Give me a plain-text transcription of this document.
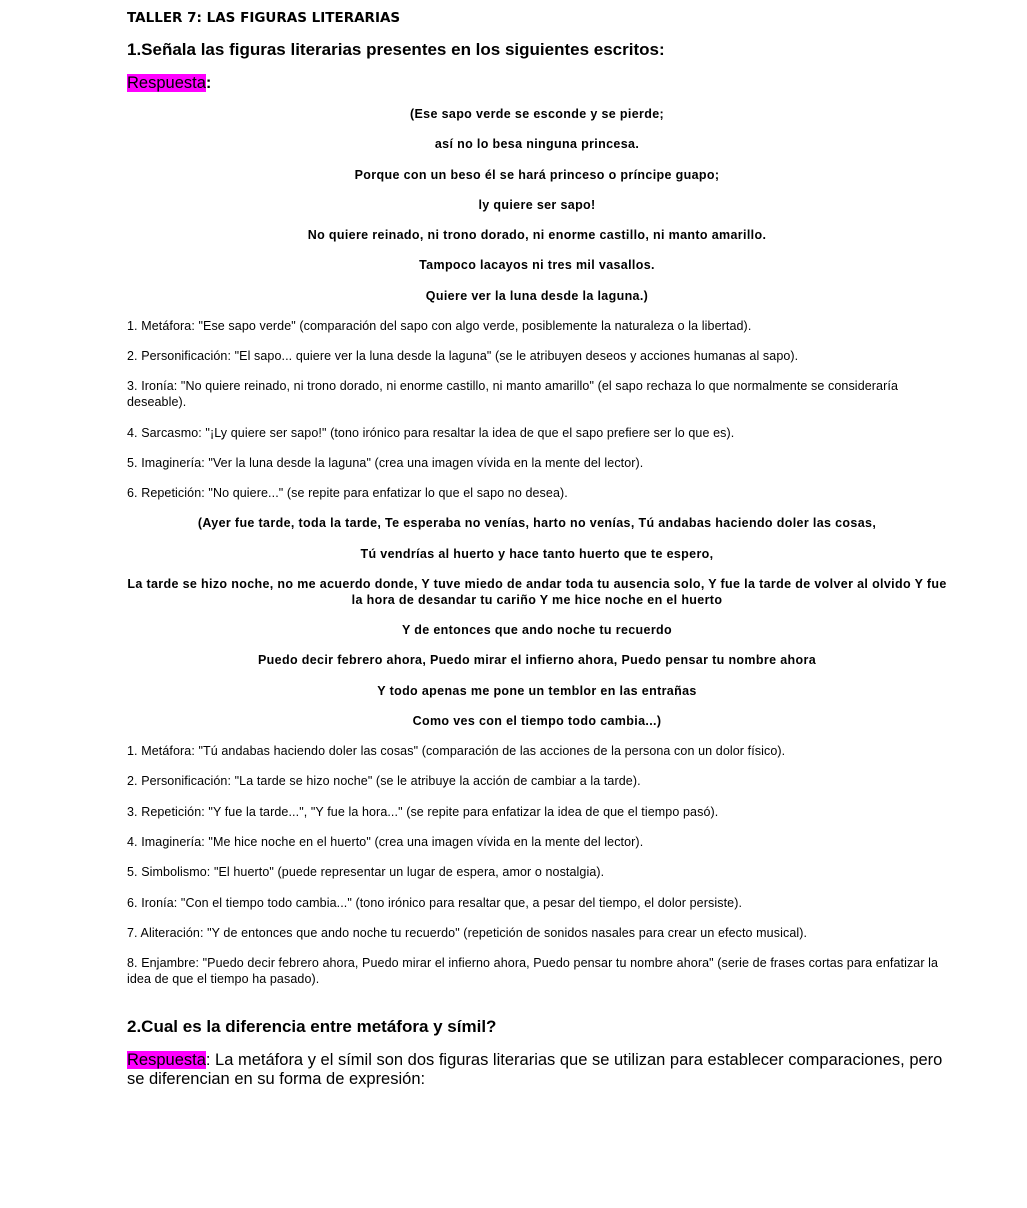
TALLER 7: LAS FIGURAS LITERARIAS

1.Señala las figuras literarias presentes en los siguientes escritos:

Respuesta:

(Ese sapo verde se esconde y se pierde;

así no lo besa ninguna princesa.

Porque con un beso él se hará princeso o príncipe guapo;

ly quiere ser sapo!

No quiere reinado, ni trono dorado, ni enorme castillo, ni manto amarillo.

Tampoco lacayos ni tres mil vasallos.

Quiere ver la luna desde la laguna.)

1. Metáfora: "Ese sapo verde" (comparación del sapo con algo verde, posiblemente la naturaleza o la libertad).

2. Personificación: "El sapo... quiere ver la luna desde la laguna" (se le atribuyen deseos y acciones humanas al sapo).

3. Ironía: "No quiere reinado, ni trono dorado, ni enorme castillo, ni manto amarillo" (el sapo rechaza lo que normalmente se consideraría deseable).

4. Sarcasmo: "¡Ly quiere ser sapo!" (tono irónico para resaltar la idea de que el sapo prefiere ser lo que es).

5. Imaginería: "Ver la luna desde la laguna" (crea una imagen vívida en la mente del lector).

6. Repetición: "No quiere..." (se repite para enfatizar lo que el sapo no desea).

(Ayer fue tarde, toda la tarde, Te esperaba no venías, harto no venías, Tú andabas haciendo doler las cosas,

Tú vendrías al huerto y hace tanto huerto que te espero,

La tarde se hizo noche, no me acuerdo donde, Y tuve miedo de andar toda tu ausencia solo, Y fue la tarde de volver al olvido Y fue la hora de desandar tu cariño Y me hice noche en el huerto

Y de entonces que ando noche tu recuerdo

Puedo decir febrero ahora, Puedo mirar el infierno ahora, Puedo pensar tu nombre ahora

Y todo apenas me pone un temblor en las entrañas

Como ves con el tiempo todo cambia...)

1. Metáfora: "Tú andabas haciendo doler las cosas" (comparación de las acciones de la persona con un dolor físico).

2. Personificación: "La tarde se hizo noche" (se le atribuye la acción de cambiar a la tarde).

3. Repetición: "Y fue la tarde...", "Y fue la hora..." (se repite para enfatizar la idea de que el tiempo pasó).

4. Imaginería: "Me hice noche en el huerto" (crea una imagen vívida en la mente del lector).

5. Simbolismo: "El huerto" (puede representar un lugar de espera, amor o nostalgia).

6. Ironía: "Con el tiempo todo cambia..." (tono irónico para resaltar que, a pesar del tiempo, el dolor persiste).

7. Aliteración: "Y de entonces que ando noche tu recuerdo" (repetición de sonidos nasales para crear un efecto musical).

8. Enjambre: "Puedo decir febrero ahora, Puedo mirar el infierno ahora, Puedo pensar tu nombre ahora" (serie de frases cortas para enfatizar la idea de que el tiempo ha pasado).

2.Cual es la diferencia entre metáfora y símil?

Respuesta: La metáfora y el símil son dos figuras literarias que se utilizan para establecer comparaciones, pero se diferencian en su forma de expresión:
